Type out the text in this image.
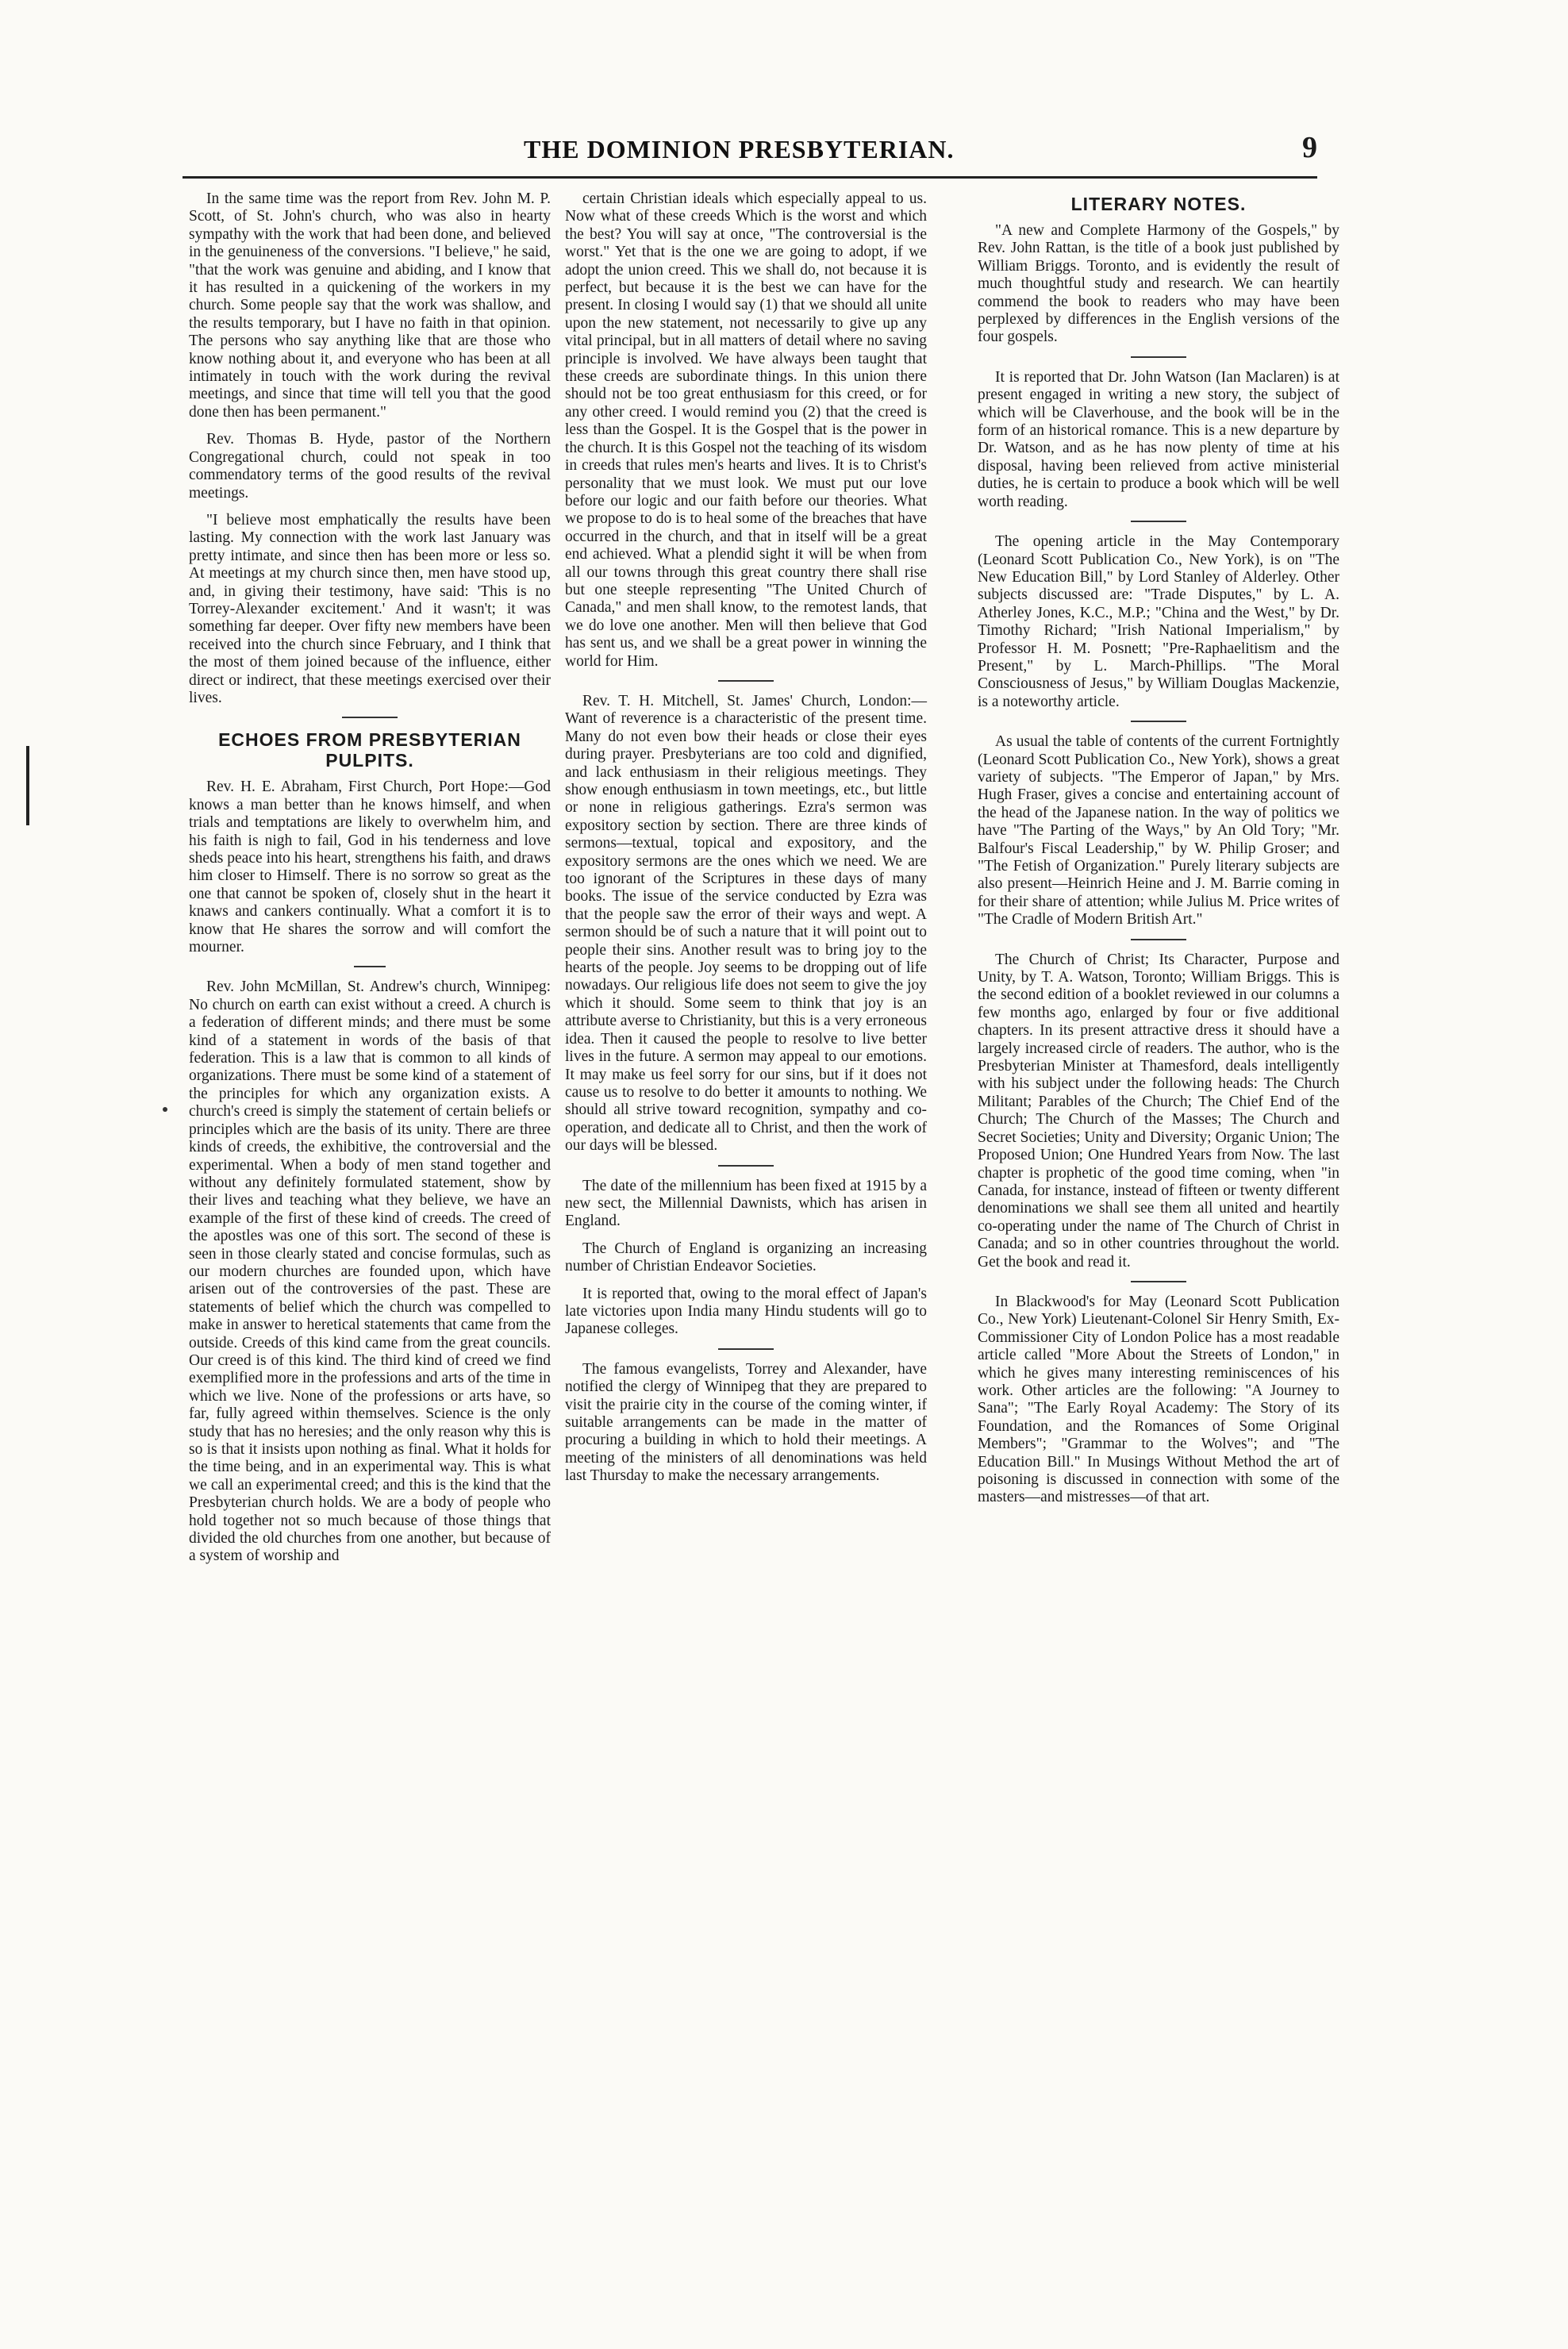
THE DOMINION PRESBYTERIAN.	9

In the same time was the report from Rev. John M. P. Scott, of St. John's church, who was also in hearty sympathy with the work that had been done, and believed in the genuineness of the conversions. "I believe," he said, "that the work was genuine and abiding, and I know that it has resulted in a quickening of the workers in my church. Some people say that the work was shallow, and the results temporary, but I have no faith in that opinion. The persons who say anything like that are those who know nothing about it, and everyone who has been at all intimately in touch with the work during the revival meetings, and since that time will tell you that the good done then has been permanent."

Rev. Thomas B. Hyde, pastor of the Northern Congregational church, could not speak in too commendatory terms of the good results of the revival meetings.

"I believe most emphatically the results have been lasting. My connection with the work last January was pretty intimate, and since then has been more or less so. At meetings at my church since then, men have stood up, and, in giving their testimony, have said: 'This is no Torrey-Alexander excitement.' And it wasn't; it was something far deeper. Over fifty new members have been received into the church since February, and I think that the most of them joined because of the influence, either direct or indirect, that these meetings exercised over their lives.

ECHOES FROM PRESBYTERIAN PULPITS.

Rev. H. E. Abraham, First Church, Port Hope:—God knows a man better than he knows himself, and when trials and temptations are likely to overwhelm him, and his faith is nigh to fail, God in his tenderness and love sheds peace into his heart, strengthens his faith, and draws him closer to Himself. There is no sorrow so great as the one that cannot be spoken of, closely shut in the heart it knaws and cankers continually. What a comfort it is to know that He shares the sorrow and will comfort the mourner.

Rev. John McMillan, St. Andrew's church, Winnipeg: No church on earth can exist without a creed. A church is a federation of different minds; and there must be some kind of a statement in words of the basis of that federation. This is a law that is common to all kinds of organizations. There must be some kind of a statement of the principles for which any organization exists. A church's creed is simply the statement of certain beliefs or principles which are the basis of its unity. There are three kinds of creeds, the exhibitive, the controversial and the experimental. When a body of men stand together and without any definitely formulated statement, show by their lives and teaching what they believe, we have an example of the first of these kind of creeds. The creed of the apostles was one of this sort. The second of these is seen in those clearly stated and concise formulas, such as our modern churches are founded upon, which have arisen out of the controversies of the past. These are statements of belief which the church was compelled to make in answer to heretical statements that came from the outside. Creeds of this kind came from the great councils. Our creed is of this kind. The third kind of creed we find exemplified more in the professions and arts of the time in which we live. None of the professions or arts have, so far, fully agreed within themselves. Science is the only study that has no heresies; and the only reason why this is so is that it insists upon nothing as final. What it holds for the time being, and in an experimental way. This is what we call an experimental creed; and this is the kind that the Presbyterian church holds. We are a body of people who hold together not so much because of those things that divided the old churches from one another, but because of a system of worship and

certain Christian ideals which especially appeal to us. Now what of these creeds Which is the worst and which the best? You will say at once, "The controversial is the worst." Yet that is the one we are going to adopt, if we adopt the union creed. This we shall do, not because it is perfect, but because it is the best we can have for the present. In closing I would say (1) that we should all unite upon the new statement, not necessarily to give up any vital principal, but in all matters of detail where no saving principle is involved. We have always been taught that these creeds are subordinate things. In this union there should not be too great enthusiasm for this creed, or for any other creed. I would remind you (2) that the creed is less than the Gospel. It is the Gospel that is the power in the church. It is this Gospel not the teaching of its wisdom in creeds that rules men's hearts and lives. It is to Christ's personality that we must look. We must put our love before our logic and our faith before our theories. What we propose to do is to heal some of the breaches that have occurred in the church, and that in itself will be a great end achieved. What a plendid sight it will be when from all our towns through this great country there shall rise but one steeple representing "The United Church of Canada," and men shall know, to the remotest lands, that we do love one another. Men will then believe that God has sent us, and we shall be a great power in winning the world for Him.

Rev. T. H. Mitchell, St. James' Church, London:—Want of reverence is a characteristic of the present time. Many do not even bow their heads or close their eyes during prayer. Presbyterians are too cold and dignified, and lack enthusiasm in their religious meetings. They show enough enthusiasm in town meetings, etc., but little or none in religious gatherings. Ezra's sermon was expository section by section. There are three kinds of sermons—textual, topical and expository, and the expository sermons are the ones which we need. We are too ignorant of the Scriptures in these days of many books. The issue of the service conducted by Ezra was that the people saw the error of their ways and wept. A sermon should be of such a nature that it will point out to people their sins. Another result was to bring joy to the hearts of the people. Joy seems to be dropping out of life nowadays. Our religious life does not seem to give the joy which it should. Some seem to think that joy is an attribute averse to Christianity, but this is a very erroneous idea. Then it caused the people to resolve to live better lives in the future. A sermon may appeal to our emotions. It may make us feel sorry for our sins, but if it does not cause us to resolve to do better it amounts to nothing. We should all strive toward recognition, sympathy and co-operation, and dedicate all to Christ, and then the work of our days will be blessed.

The date of the millennium has been fixed at 1915 by a new sect, the Millennial Dawnists, which has arisen in England.

The Church of England is organizing an increasing number of Christian Endeavor Societies.

It is reported that, owing to the moral effect of Japan's late victories upon India many Hindu students will go to Japanese colleges.

The famous evangelists, Torrey and Alexander, have notified the clergy of Winnipeg that they are prepared to visit the prairie city in the course of the coming winter, if suitable arrangements can be made in the matter of procuring a building in which to hold their meetings. A meeting of the ministers of all denominations was held last Thursday to make the necessary arrangements.

LITERARY NOTES.

"A new and Complete Harmony of the Gospels," by Rev. John Rattan, is the title of a book just published by William Briggs. Toronto, and is evidently the result of much thoughtful study and research. We can heartily commend the book to readers who may have been perplexed by differences in the English versions of the four gospels.

It is reported that Dr. John Watson (Ian Maclaren) is at present engaged in writing a new story, the subject of which will be Claverhouse, and the book will be in the form of an historical romance. This is a new departure by Dr. Watson, and as he has now plenty of time at his disposal, having been relieved from active ministerial duties, he is certain to produce a book which will be well worth reading.

The opening article in the May Contemporary (Leonard Scott Publication Co., New York), is on "The New Education Bill," by Lord Stanley of Alderley. Other subjects discussed are: "Trade Disputes," by L. A. Atherley Jones, K.C., M.P.; "China and the West," by Dr. Timothy Richard; "Irish National Imperialism," by Professor H. M. Posnett; "Pre-Raphaelitism and the Present," by L. March-Phillips. "The Moral Consciousness of Jesus," by William Douglas Mackenzie, is a noteworthy article.

As usual the table of contents of the current Fortnightly (Leonard Scott Publication Co., New York), shows a great variety of subjects. "The Emperor of Japan," by Mrs. Hugh Fraser, gives a concise and entertaining account of the head of the Japanese nation. In the way of politics we have "The Parting of the Ways," by An Old Tory; "Mr. Balfour's Fiscal Leadership," by W. Philip Groser; and "The Fetish of Organization." Purely literary subjects are also present—Heinrich Heine and J. M. Barrie coming in for their share of attention; while Julius M. Price writes of "The Cradle of Modern British Art."

The Church of Christ; Its Character, Purpose and Unity, by T. A. Watson, Toronto; William Briggs. This is the second edition of a booklet reviewed in our columns a few months ago, enlarged by four or five additional chapters. In its present attractive dress it should have a largely increased circle of readers. The author, who is the Presbyterian Minister at Thamesford, deals intelligently with his subject under the following heads: The Church Militant; Parables of the Church; The Chief End of the Church; The Church of the Masses; The Church and Secret Societies; Unity and Diversity; Organic Union; The Proposed Union; One Hundred Years from Now. The last chapter is prophetic of the good time coming, when "in Canada, for instance, instead of fifteen or twenty different denominations we shall see them all united and heartily co-operating under the name of The Church of Christ in Canada; and so in other countries throughout the world. Get the book and read it.

In Blackwood's for May (Leonard Scott Publication Co., New York) Lieutenant-Colonel Sir Henry Smith, Ex-Commissioner City of London Police has a most readable article called "More About the Streets of London," in which he gives many interesting reminiscences of his work. Other articles are the following: "A Journey to Sana"; "The Early Royal Academy: The Story of its Foundation, and the Romances of Some Original Members"; "Grammar to the Wolves"; and "The Education Bill." In Musings Without Method the art of poisoning is discussed in connection with some of the masters—and mistresses—of that art.
